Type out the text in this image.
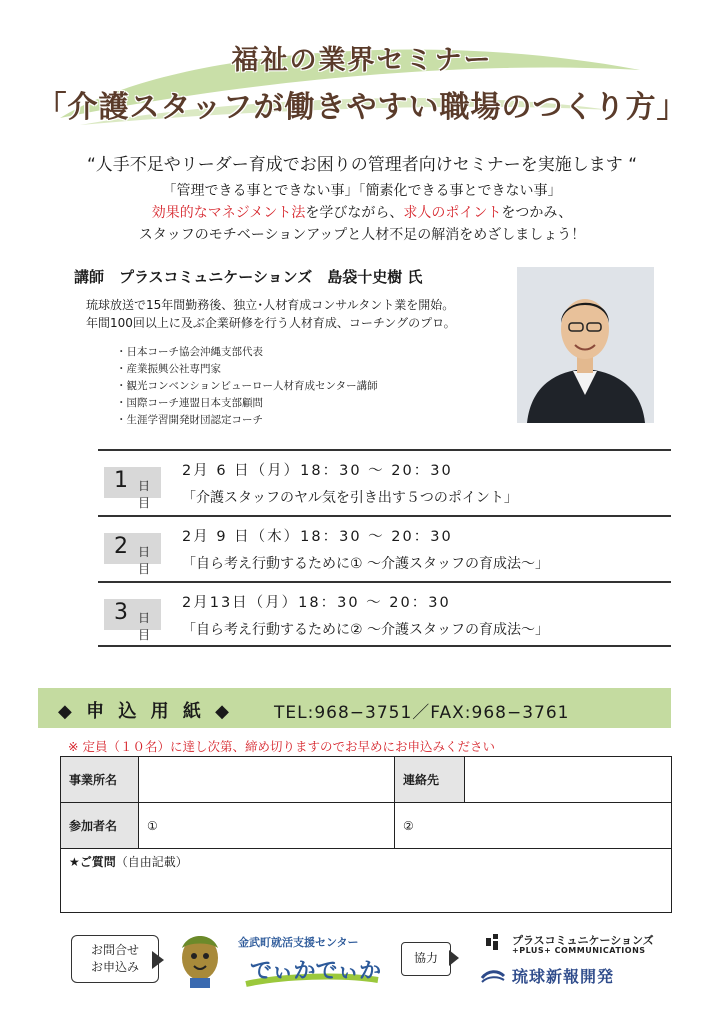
福祉の業界セミナー
「介護スタッフが働きやすい職場のつくり方」
“人手不足やリーダー育成でお困りの管理者向けセミナーを実施します “
「管理できる事とできない事」「簡素化できる事とできない事」
効果的なマネジメント法を学びながら、求人のポイントをつかみ、
スタッフのモチベーションアップと人材不足の解消をめざしましょう！
講師　プラスコミュニケーションズ　島袋十史樹 氏
琉球放送で15年間勤務後、独立･人材育成コンサルタント業を開始。
年間100回以上に及ぶ企業研修を行う人材育成、コーチングのプロ。
・日本コーチ協会沖縄支部代表
・産業振興公社専門家
・観光コンベンションビューロー人材育成センター講師
・国際コーチ連盟日本支部顧問
・生涯学習開発財団認定コーチ
1 日目
2月 6 日（月）18：30 ～ 20：30
「介護スタッフのヤル気を引き出す５つのポイント」
2 日目
2月 9 日（木）18：30 ～ 20：30
「自ら考え行動するために① ～介護スタッフの育成法～」
3 日目
2月13日（月）18：30 ～ 20：30
「自ら考え行動するために② ～介護スタッフの育成法～」
◆ 申 込 用 紙 ◆ TEL:968−3751／FAX:968−3761
※ 定員（１０名）に達し次第、締め切りますのでお早めにお申込みください
事業所名		連絡先	
参加者名	①	②	
★ご質問（自由記載）			
お問合せ
お申込み
金武町就活支援センター
でぃかでぃか
協力
プラスコミュニケーションズ
+PLUS+ COMMUNICATIONS
琉球新報開発
